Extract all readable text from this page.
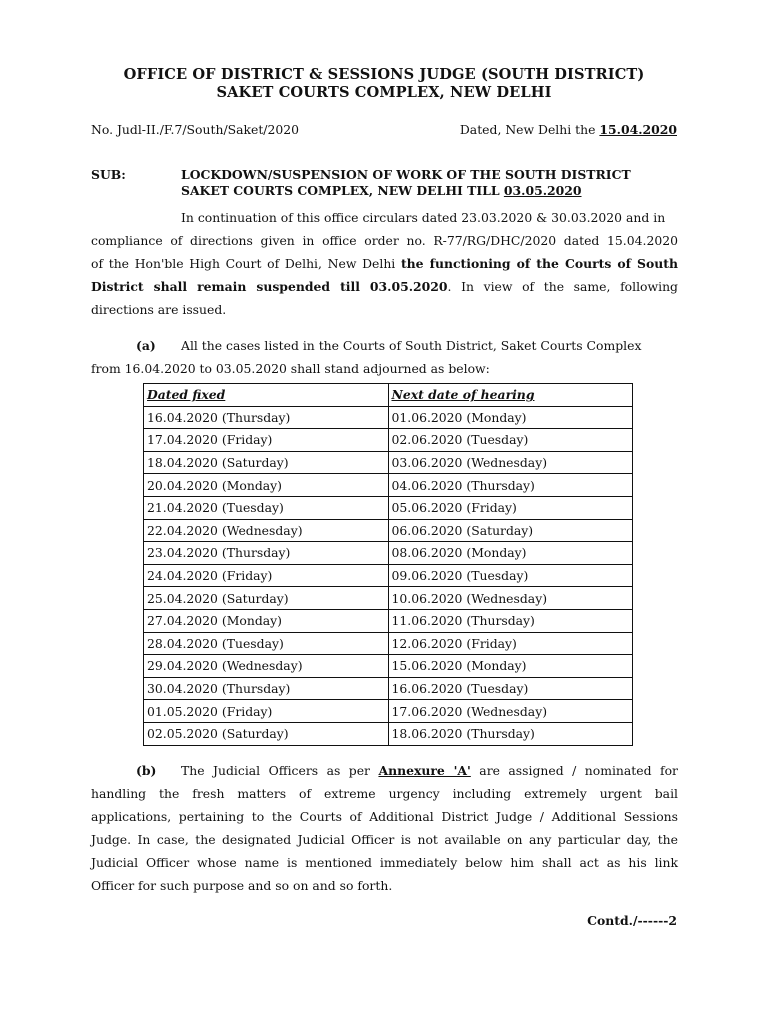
OFFICE OF DISTRICT & SESSIONS JUDGE (SOUTH DISTRICT)
SAKET COURTS COMPLEX, NEW DELHI
No. Judl-II./F.7/South/Saket/2020	Dated, New Delhi the 15.04.2020
SUB:	LOCKDOWN/SUSPENSION OF WORK OF THE SOUTH DISTRICT
SAKET COURTS COMPLEX, NEW DELHI TILL 03.05.2020
In continuation of this office circulars dated 23.03.2020 & 30.03.2020 and in
compliance of directions given in office order no. R-77/RG/DHC/2020 dated 15.04.2020
of the Hon'ble High Court of Delhi, New Delhi the functioning of the Courts of South
District shall remain suspended till 03.05.2020. In view of the same, following
directions are issued.
(a) All the cases listed in the Courts of South District, Saket Courts Complex
from 16.04.2020 to 03.05.2020 shall stand adjourned as below:
Dated fixed	Next date of hearing
16.04.2020 (Thursday)	01.06.2020 (Monday)
17.04.2020 (Friday)	02.06.2020 (Tuesday)
18.04.2020 (Saturday)	03.06.2020 (Wednesday)
20.04.2020 (Monday)	04.06.2020 (Thursday)
21.04.2020 (Tuesday)	05.06.2020 (Friday)
22.04.2020 (Wednesday)	06.06.2020 (Saturday)
23.04.2020 (Thursday)	08.06.2020 (Monday)
24.04.2020 (Friday)	09.06.2020 (Tuesday)
25.04.2020 (Saturday)	10.06.2020 (Wednesday)
27.04.2020 (Monday)	11.06.2020 (Thursday)
28.04.2020 (Tuesday)	12.06.2020 (Friday)
29.04.2020 (Wednesday)	15.06.2020 (Monday)
30.04.2020 (Thursday)	16.06.2020 (Tuesday)
01.05.2020 (Friday)	17.06.2020 (Wednesday)
02.05.2020 (Saturday)	18.06.2020 (Thursday)
(b) The Judicial Officers as per Annexure 'A' are assigned / nominated for
handling the fresh matters of extreme urgency including extremely urgent bail
applications, pertaining to the Courts of Additional District Judge / Additional Sessions
Judge. In case, the designated Judicial Officer is not available on any particular day, the
Judicial Officer whose name is mentioned immediately below him shall act as his link
Officer for such purpose and so on and so forth.
Contd./------2
